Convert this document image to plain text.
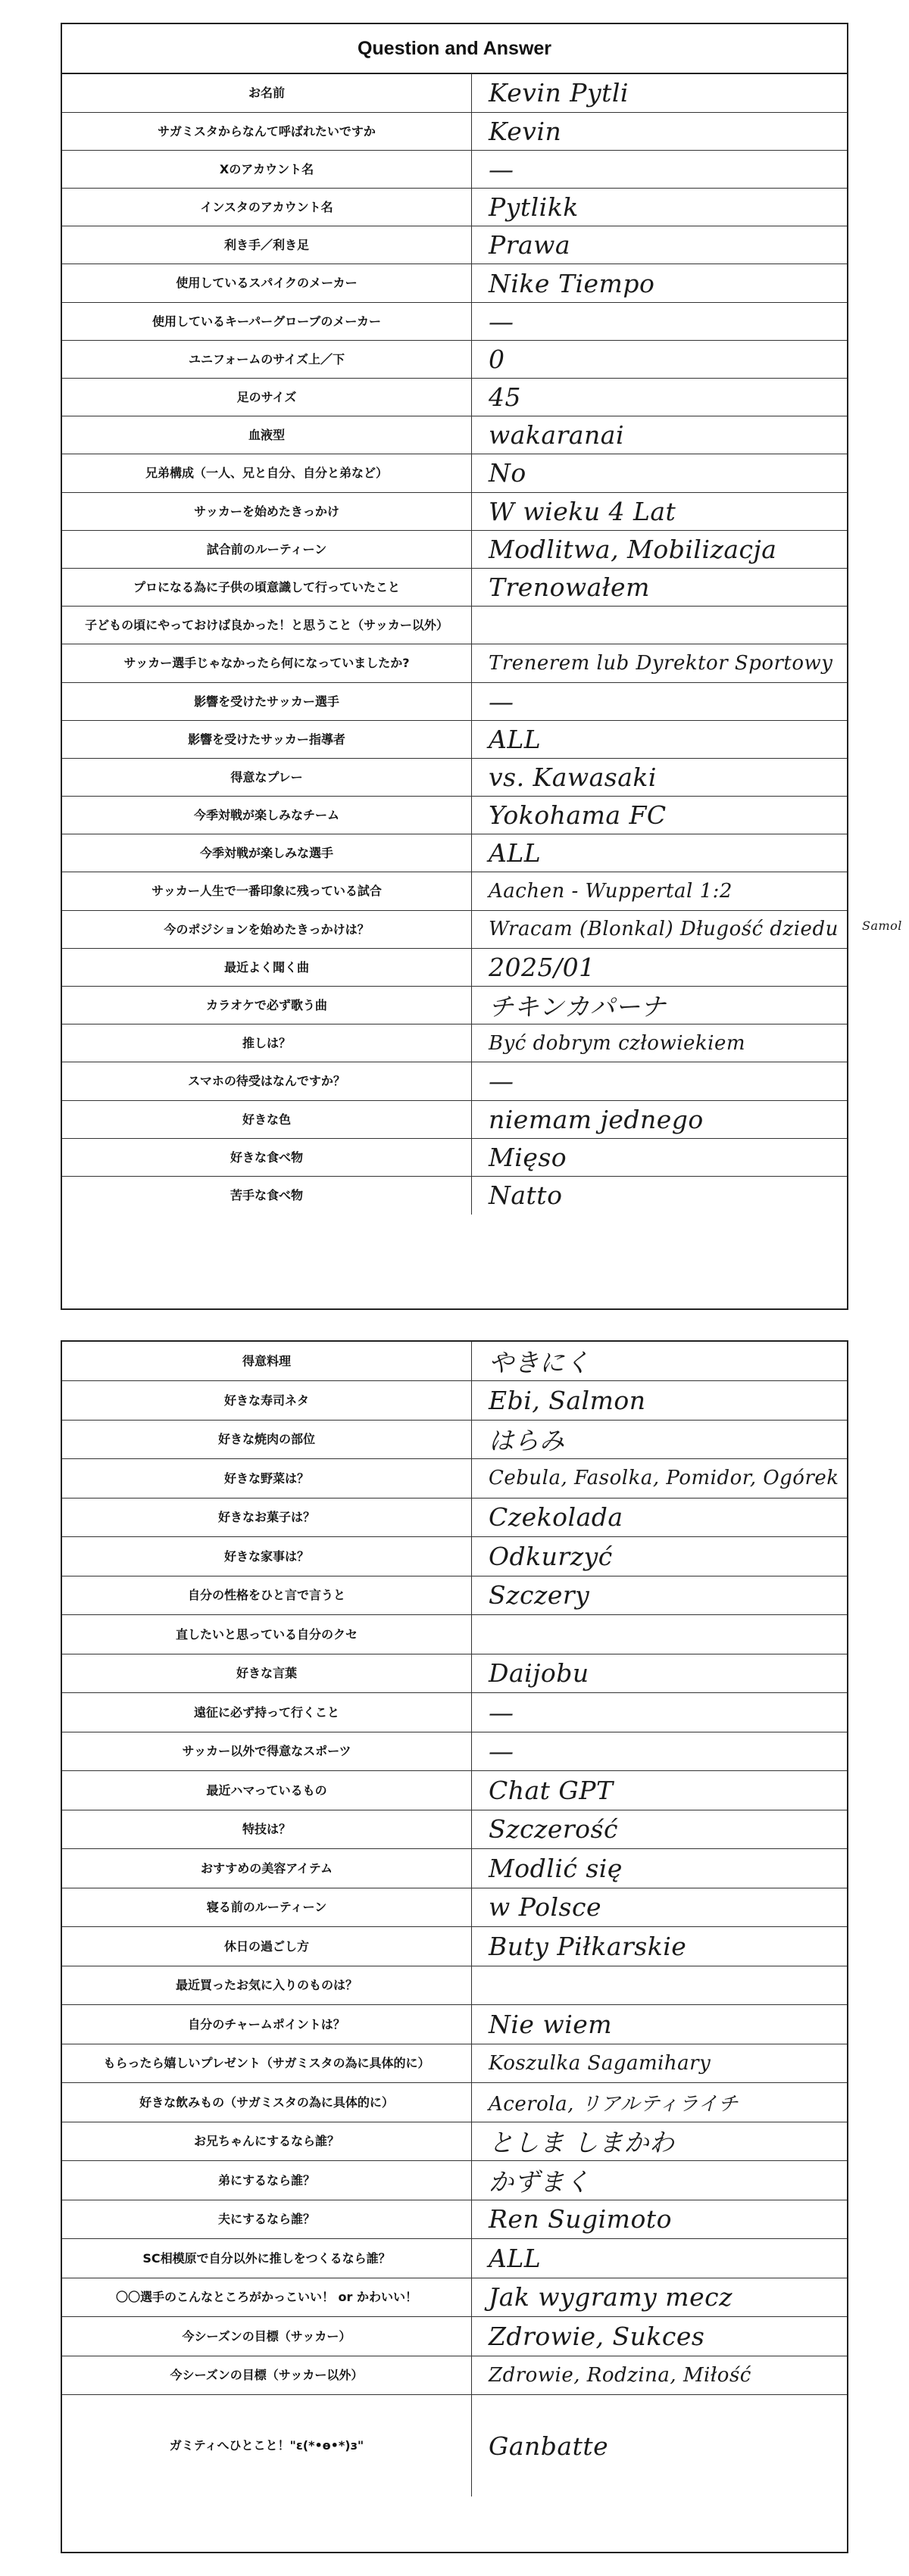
Question and Answer
お名前	Kevin Pytli
サガミスタからなんて呼ばれたいですか	Kevin
Xのアカウント名	—
インスタのアカウント名	Pytlikk
利き手／利き足	Prawa
使用しているスパイクのメーカー	Nike Tiempo
使用しているキーパーグローブのメーカー	—
ユニフォームのサイズ上／下	0
足のサイズ	45
血液型	wakaranai
兄弟構成（一人、兄と自分、自分と弟など）	No
サッカーを始めたきっかけ	W wieku 4 Lat
試合前のルーティーン	Modlitwa, Mobilizacja
プロになる為に子供の頃意識して行っていたこと	Trenowałem
子どもの頃にやっておけば良かった！と思うこと（サッカー以外）	
サッカー選手じゃなかったら何になっていましたか?	Trenerem lub Dyrektor Sportowy
影響を受けたサッカー選手	—
影響を受けたサッカー指導者	ALL
得意なプレー	vs. Kawasaki
今季対戦が楽しみなチーム	Yokohama FC
今季対戦が楽しみな選手	ALL
サッカー人生で一番印象に残っている試合	Aachen - Wuppertal 1:2
今のポジションを始めたきっかけは？	Wracam (Blonkal) Długość dziedu Samol

最近よく聞く曲	2025/01
カラオケで必ず歌う曲	チキンカパーナ
推しは？	Być dobrym człowiekiem
スマホの待受はなんですか？	—
好きな色	niemam jednego
好きな食べ物	Mięso
苦手な食べ物	Natto
得意料理	やきにく
好きな寿司ネタ	Ebi, Salmon
好きな焼肉の部位	はらみ
好きな野菜は？	Cebula, Fasolka, Pomidor, Ogórek
好きなお菓子は？	Czekolada
好きな家事は？	Odkurzyć
自分の性格をひと言で言うと	Szczery
直したいと思っている自分のクセ	
好きな言葉	Daijobu
遠征に必ず持って行くこと	—
サッカー以外で得意なスポーツ	—
最近ハマっているもの	Chat GPT
特技は？	Szczerość
おすすめの美容アイテム	Modlić się
寝る前のルーティーン	w Polsce
休日の過ごし方	Buty Piłkarskie
最近買ったお気に入りのものは？	
自分のチャームポイントは？	Nie wiem
もらったら嬉しいプレゼント（サガミスタの為に具体的に）	Koszulka Sagamihary
好きな飲みもの（サガミスタの為に具体的に）	Acerola, リアルティライチ
お兄ちゃんにするなら誰？	としま しまかわ
弟にするなら誰？	かずまく
夫にするなら誰？	Ren Sugimoto
SC相模原で自分以外に推しをつくるなら誰？	ALL
〇〇選手のこんなところがかっこいい！ or かわいい！	Jak wygramy mecz
今シーズンの目標（サッカー）	Zdrowie, Sukces
今シーズンの目標（サッカー以外）	Zdrowie, Rodzina, Miłość
ガミティへひとこと！"ε(*•ө•*)з"	Ganbatte
